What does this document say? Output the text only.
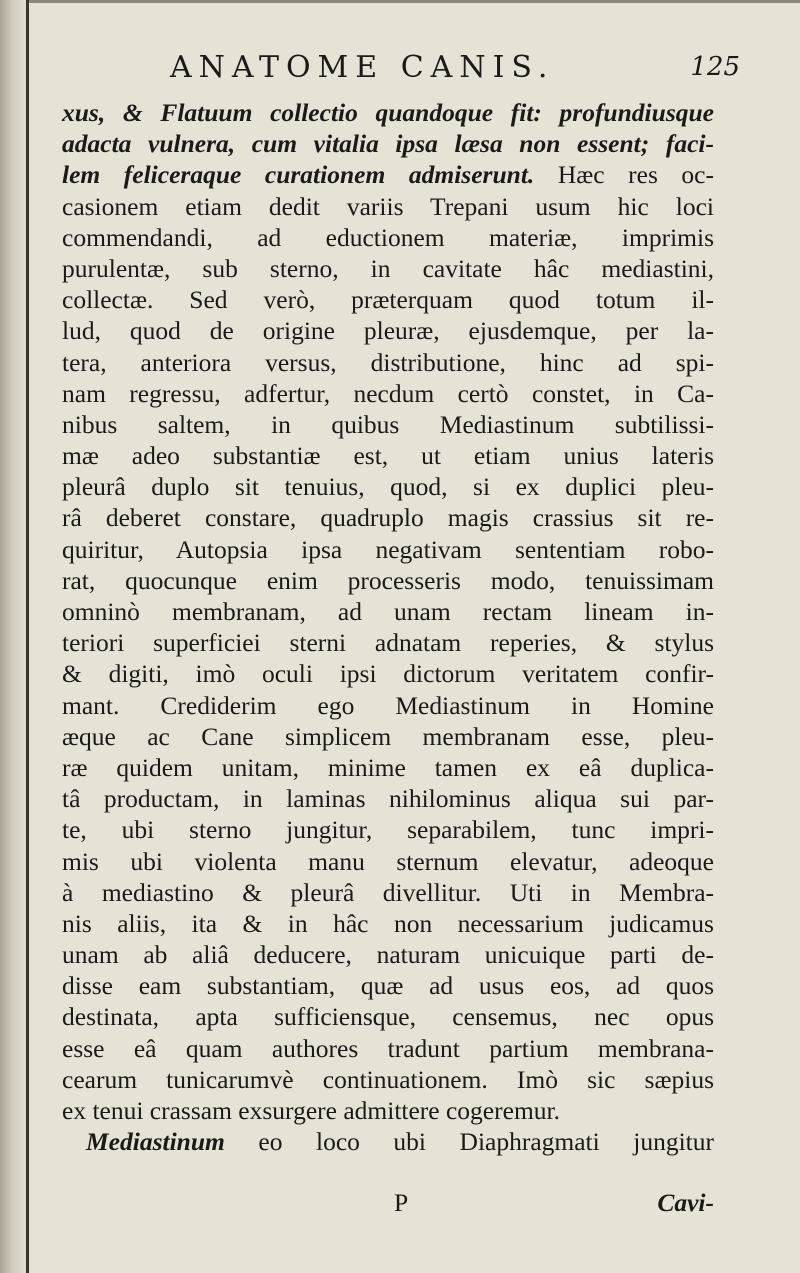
ANATOME CANIS.	125
xus, & Flatuum collectio quandoque fit: profundiusque
adacta vulnera, cum vitalia ipsa læsa non essent; faci-
lem feliceraque curationem admiserunt. Hæc res oc-
casionem etiam dedit variis Trepani usum hic loci
commendandi, ad eductionem materiæ, imprimis
purulentæ, sub sterno, in cavitate hâc mediastini,
collectæ. Sed verò, præterquam quod totum il-
lud, quod de origine pleuræ, ejusdemque, per la-
tera, anteriora versus, distributione, hinc ad spi-
nam regressu, adfertur, necdum certò constet, in Ca-
nibus saltem, in quibus Mediastinum subtilissi-
mæ adeo substantiæ est, ut etiam unius lateris
pleurâ duplo sit tenuius, quod, si ex duplici pleu-
râ deberet constare, quadruplo magis crassius sit re-
quiritur, Autopsia ipsa negativam sententiam robo-
rat, quocunque enim processeris modo, tenuissimam
omninò membranam, ad unam rectam lineam in-
teriori superficiei sterni adnatam reperies, & stylus
& digiti, imò oculi ipsi dictorum veritatem confir-
mant. Crediderim ego Mediastinum in Homine
æque ac Cane simplicem membranam esse, pleu-
ræ quidem unitam, minime tamen ex eâ duplica-
tâ productam, in laminas nihilominus aliqua sui par-
te, ubi sterno jungitur, separabilem, tunc impri-
mis ubi violenta manu sternum elevatur, adeoque
à mediastino & pleurâ divellitur. Uti in Membra-
nis aliis, ita & in hâc non necessarium judicamus
unam ab aliâ deducere, naturam unicuique parti de-
disse eam substantiam, quæ ad usus eos, ad quos
destinata, apta sufficiensque, censemus, nec opus
esse eâ quam authores tradunt partium membrana-
cearum tunicarumvè continuationem. Imò sic sæpius
ex tenui crassam exsurgere admittere cogeremur.
Mediastinum eo loco ubi Diaphragmati jungitur
P	Cavi-
